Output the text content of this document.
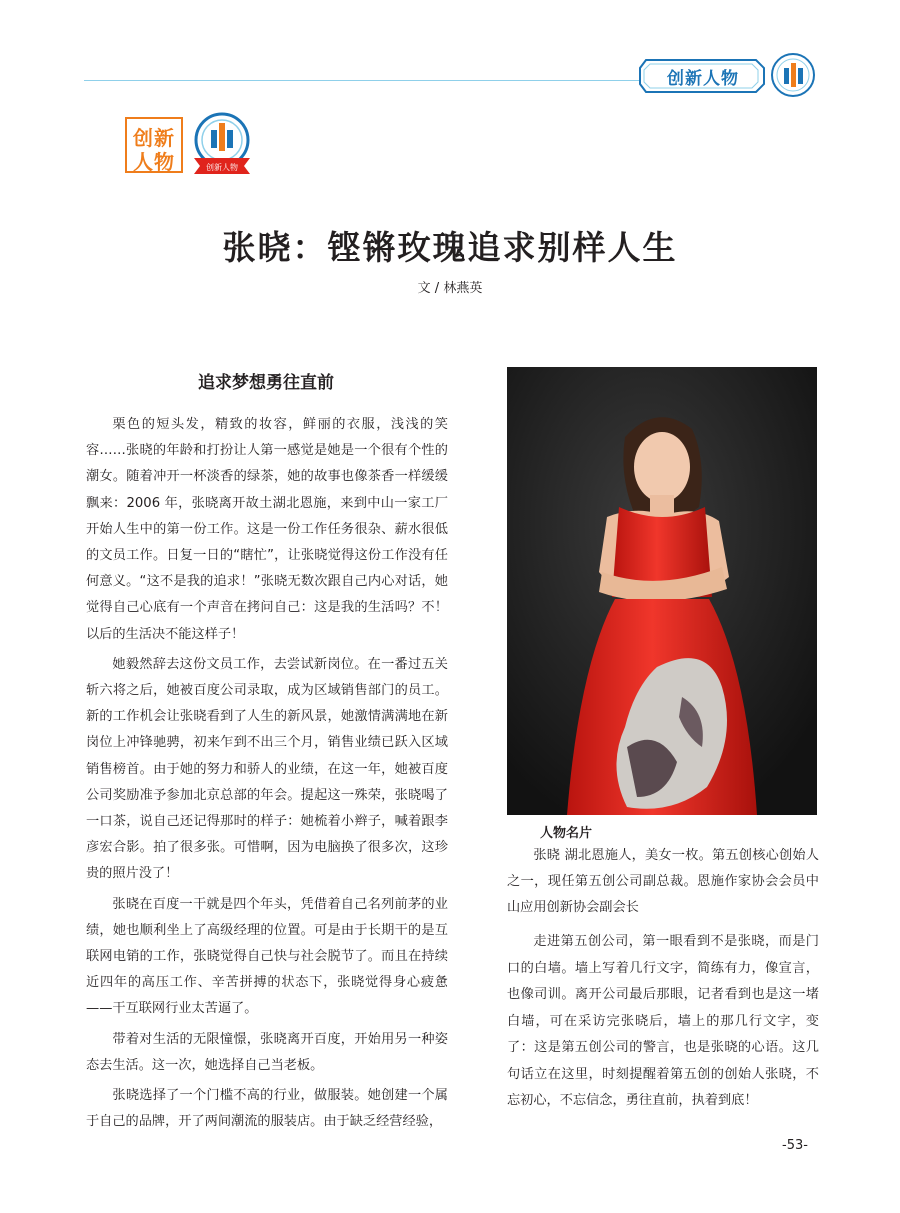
创新人物
创新
人物	创新人物
张晓：铿锵玫瑰追求别样人生
文 / 林燕英
追求梦想勇往直前

栗色的短头发，精致的妆容，鲜丽的衣服，浅浅的笑容……张晓的年龄和打扮让人第一感觉是她是一个很有个性的潮女。随着冲开一杯淡香的绿茶，她的故事也像茶香一样缓缓飘来：2006 年，张晓离开故土湖北恩施，来到中山一家工厂开始人生中的第一份工作。这是一份工作任务很杂、薪水很低的文员工作。日复一日的“瞎忙”，让张晓觉得这份工作没有任何意义。“这不是我的追求！”张晓无数次跟自己内心对话，她觉得自己心底有一个声音在拷问自己：这是我的生活吗？不！以后的生活决不能这样子！

她毅然辞去这份文员工作，去尝试新岗位。在一番过五关斩六将之后，她被百度公司录取，成为区域销售部门的员工。新的工作机会让张晓看到了人生的新风景，她激情满满地在新岗位上冲锋驰骋，初来乍到不出三个月，销售业绩已跃入区域销售榜首。由于她的努力和骄人的业绩，在这一年，她被百度公司奖励准予参加北京总部的年会。提起这一殊荣，张晓喝了一口茶，说自己还记得那时的样子：她梳着小辫子，喊着跟李彦宏合影。拍了很多张。可惜啊，因为电脑换了很多次，这珍贵的照片没了！

张晓在百度一干就是四个年头，凭借着自己名列前茅的业绩，她也顺利坐上了高级经理的位置。可是由于长期干的是互联网电销的工作，张晓觉得自己快与社会脱节了。而且在持续近四年的高压工作、辛苦拼搏的状态下，张晓觉得身心疲惫——干互联网行业太苦逼了。

带着对生活的无限憧憬，张晓离开百度，开始用另一种姿态去生活。这一次，她选择自己当老板。

张晓选择了一个门槛不高的行业，做服装。她创建一个属于自己的品牌，开了两间潮流的服装店。由于缺乏经营经验，

人物名片

张晓 湖北恩施人，美女一枚。第五创核心创始人之一，现任第五创公司副总裁。恩施作家协会会员中山应用创新协会副会长

走进第五创公司，第一眼看到不是张晓，而是门口的白墙。墙上写着几行文字，简练有力，像宣言，也像司训。离开公司最后那眼，记者看到也是这一堵白墙，可在采访完张晓后，墙上的那几行文字，变了：这是第五创公司的警言，也是张晓的心语。这几句话立在这里，时刻提醒着第五创的创始人张晓，不忘初心，不忘信念，勇往直前，执着到底！

-53-
